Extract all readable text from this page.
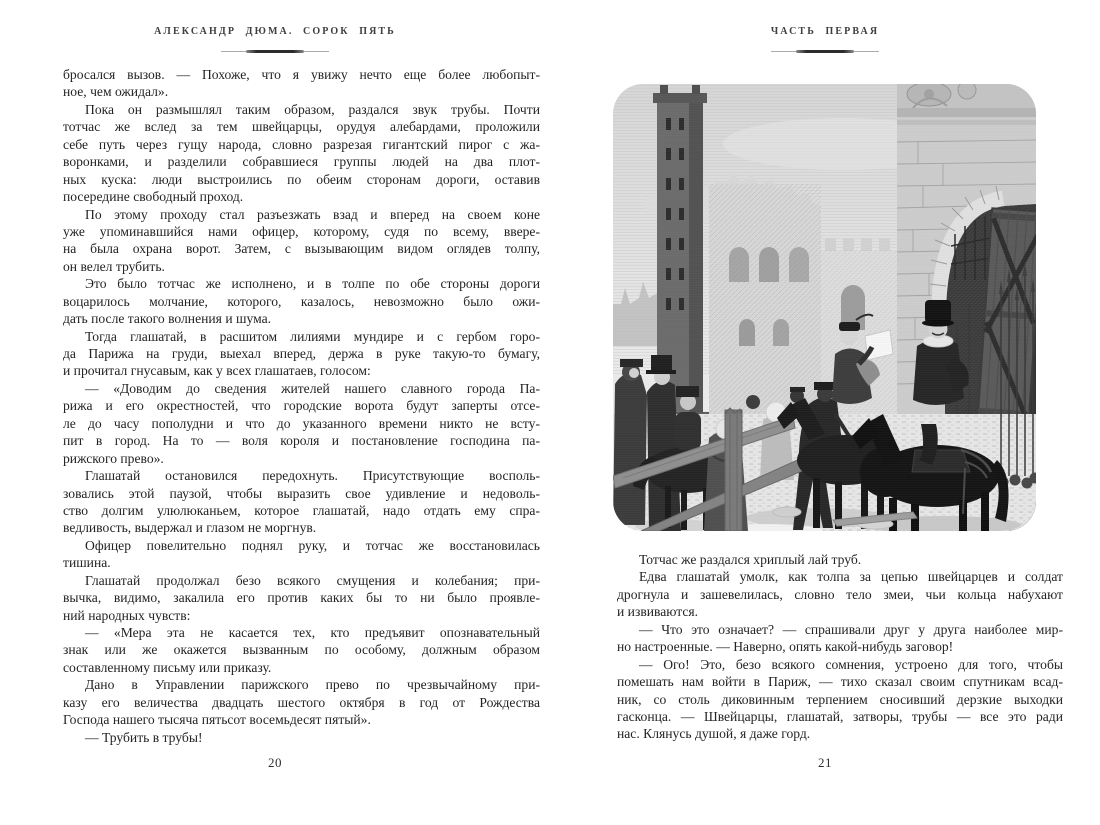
АЛЕКСАНДР ДЮМА. СОРОК ПЯТЬ

бросался вызов. — Похоже, что я увижу нечто еще более любопыт-
ное, чем ожидал».

Пока он размышлял таким образом, раздался звук трубы. Почти
тотчас же вслед за тем швейцарцы, орудуя алебардами, проложили
себе путь через гущу народа, словно разрезая гигантский пирог с жа-
воронками, и разделили собравшиеся группы людей на два плот-
ных куска: люди выстроились по обеим сторонам дороги, оставив
посередине свободный проход.

По этому проходу стал разъезжать взад и вперед на своем коне
уже упоминавшийся нами офицер, которому, судя по всему, ввере-
на была охрана ворот. Затем, с вызывающим видом оглядев толпу,
он велел трубить.

Это было тотчас же исполнено, и в толпе по обе стороны дороги
воцарилось молчание, которого, казалось, невозможно было ожи-
дать после такого волнения и шума.

Тогда глашатай, в расшитом лилиями мундире и с гербом горо-
да Парижа на груди, выехал вперед, держа в руке такую-то бумагу,
и прочитал гнусавым, как у всех глашатаев, голосом:

— «Доводим до сведения жителей нашего славного города Па-
рижа и его окрестностей, что городские ворота будут заперты отсе-
ле до часу пополудни и что до указанного времени никто не всту-
пит в город. На то — воля короля и постановление господина па-
рижского прево».

Глашатай остановился передохнуть. Присутствующие восполь-
зовались этой паузой, чтобы выразить свое удивление и недоволь-
ство долгим улюлюканьем, которое глашатай, надо отдать ему спра-
ведливость, выдержал и глазом не моргнув.

Офицер повелительно поднял руку, и тотчас же восстановилась
тишина.

Глашатай продолжал безо всякого смущения и колебания; при-
вычка, видимо, закалила его против каких бы то ни было проявле-
ний народных чувств:

— «Мера эта не касается тех, кто предъявит опознавательный
знак или же окажется вызванным по особому, должным образом
составленному письму или приказу.

Дано в Управлении парижского прево по чрезвычайному при-
казу его величества двадцать шестого октября в год от Рождества
Господа нашего тысяча пятьсот восемьдесят пятый».

— Трубить в трубы!

20
ЧАСТЬ ПЕРВАЯ

Тотчас же раздался хриплый лай труб.

Едва глашатай умолк, как толпа за цепью швейцарцев и солдат
дрогнула и зашевелилась, словно тело змеи, чьи кольца набухают
и извиваются.

— Что это означает? — спрашивали друг у друга наиболее мир-
но настроенные. — Наверно, опять какой-нибудь заговор!

— Ого! Это, безо всякого сомнения, устроено для того, чтобы
помешать нам войти в Париж, — тихо сказал своим спутникам всад-
ник, со столь диковинным терпением сносивший дерзкие выходки
гасконца. — Швейцарцы, глашатай, затворы, трубы — все это ради
нас. Клянусь душой, я даже горд.

21
